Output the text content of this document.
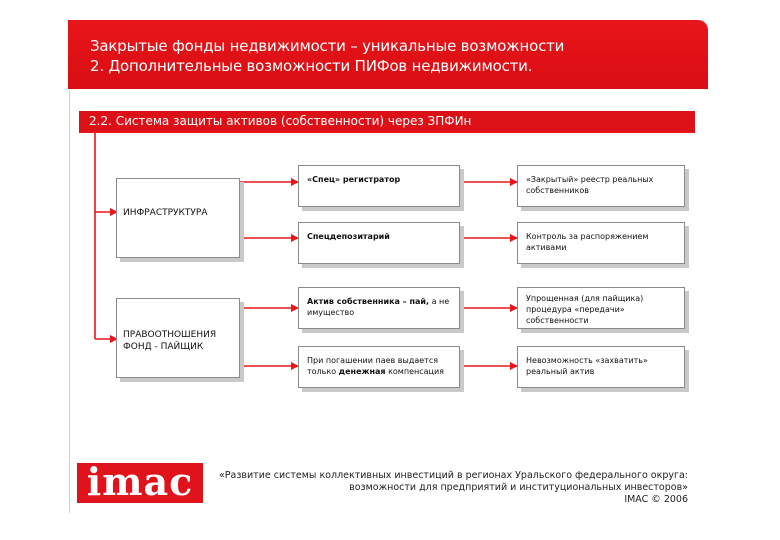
Закрытые фонды недвижимости – уникальные возможности
2. Дополнительные возможности ПИФов недвижимости.
2.2. Система защиты активов (собственности) через ЗПФИн
ИНФРАСТРУКТУРА
ПРАВООТНОШЕНИЯ
ФОНД - ПАЙЩИК
«Спец» регистратор
Спецдепозитарий
Актив собственника – пай, а не имущество
При погашении паев выдается только денежная компенсация
«Закрытый» реестр реальных
собственников
Контроль за распоряжением
активами
Упрощенная (для пайщика)
процедура «передачи»
собственности
Невозможность «захватить»
реальный актив
imac	«Развитие системы коллективных инвестиций в регионах Уральского федерального округа:
возможности для предприятий и институциональных инвесторов»
IMAC © 2006
